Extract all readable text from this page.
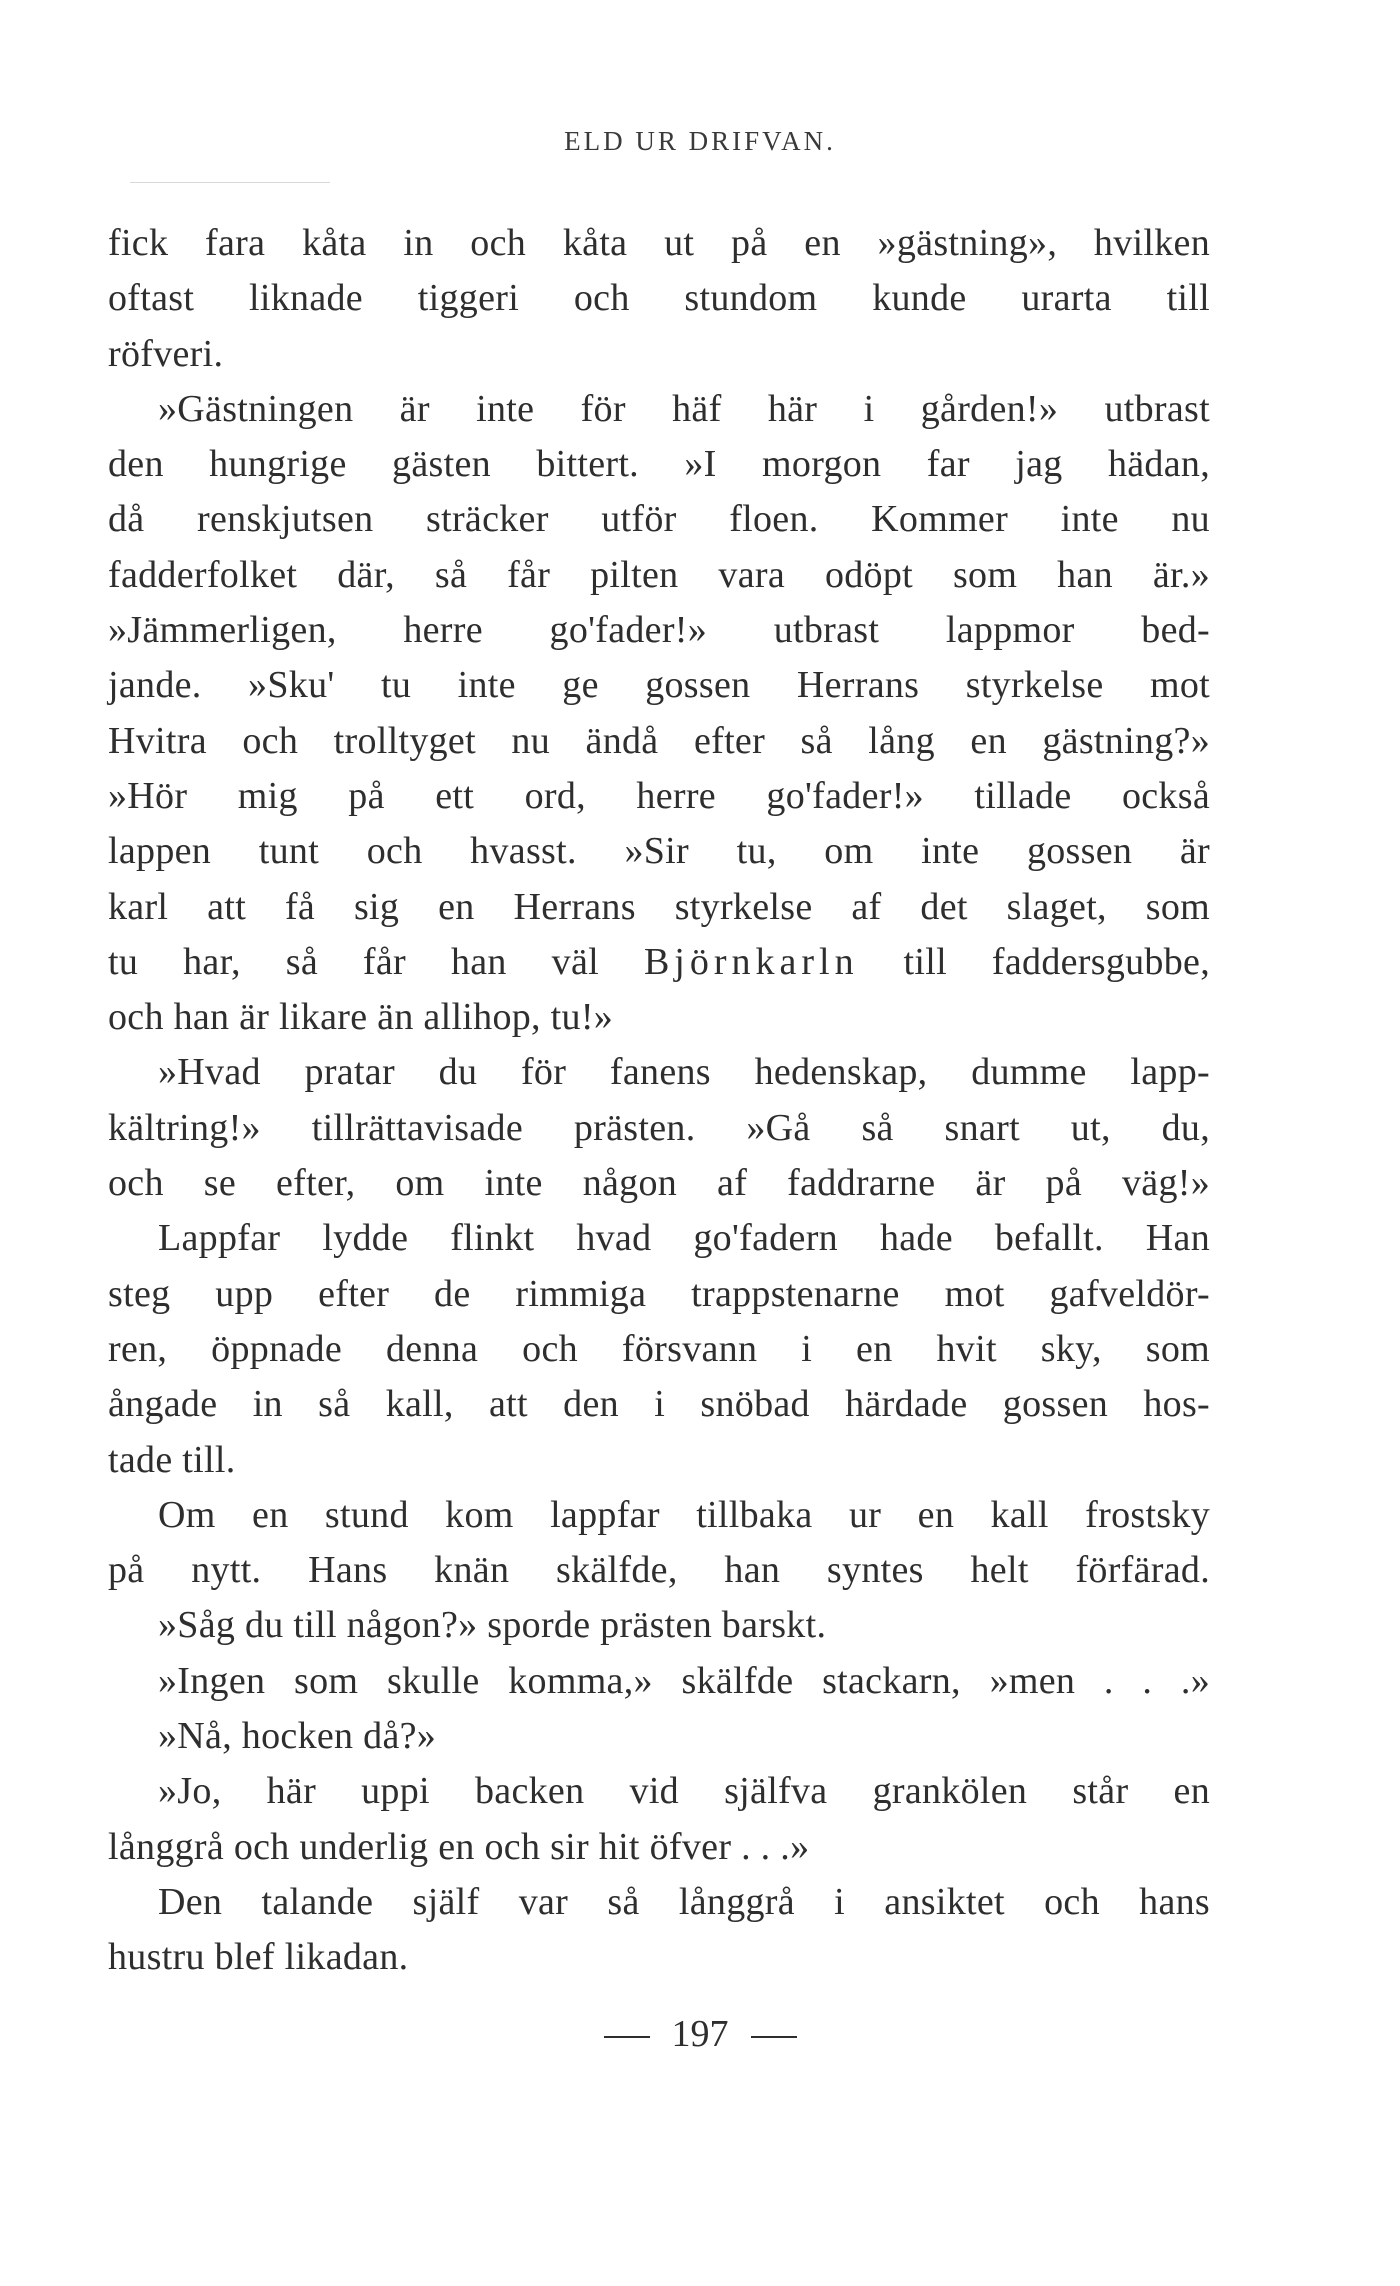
ELD UR DRIFVAN.

fick fara kåta in och kåta ut på en »gästning», hvilken

oftast liknade tiggeri och stundom kunde urarta till

röfveri.

»Gästningen är inte för häf här i gården!» utbrast

den hungrige gästen bittert. »I morgon far jag hädan,

då renskjutsen sträcker utför floen. Kommer inte nu

fadderfolket där, så får pilten vara odöpt som han är.»

»Jämmerligen, herre go'fader!» utbrast lappmor bed-

jande. »Sku' tu inte ge gossen Herrans styrkelse mot

Hvitra och trolltyget nu ändå efter så lång en gästning?»

»Hör mig på ett ord, herre go'fader!» tillade också

lappen tunt och hvasst. »Sir tu, om inte gossen är

karl att få sig en Herrans styrkelse af det slaget, som

tu har, så får han väl Björnkarln till faddersgubbe,

och han är likare än allihop, tu!»

»Hvad pratar du för fanens hedenskap, dumme lapp-

kältring!» tillrättavisade prästen. »Gå så snart ut, du,

och se efter, om inte någon af faddrarne är på väg!»

Lappfar lydde flinkt hvad go'fadern hade befallt. Han

steg upp efter de rimmiga trappstenarne mot gafveldör-

ren, öppnade denna och försvann i en hvit sky, som

ångade in så kall, att den i snöbad härdade gossen hos-

tade till.

Om en stund kom lappfar tillbaka ur en kall frostsky

på nytt. Hans knän skälfde, han syntes helt förfärad.

»Såg du till någon?» sporde prästen barskt.

»Ingen som skulle komma,» skälfde stackarn, »men . . .»

»Nå, hocken då?»

»Jo, här uppi backen vid själfva grankölen står en

långgrå och underlig en och sir hit öfver . . .»

Den talande själf var så långgrå i ansiktet och hans

hustru blef likadan.

197
